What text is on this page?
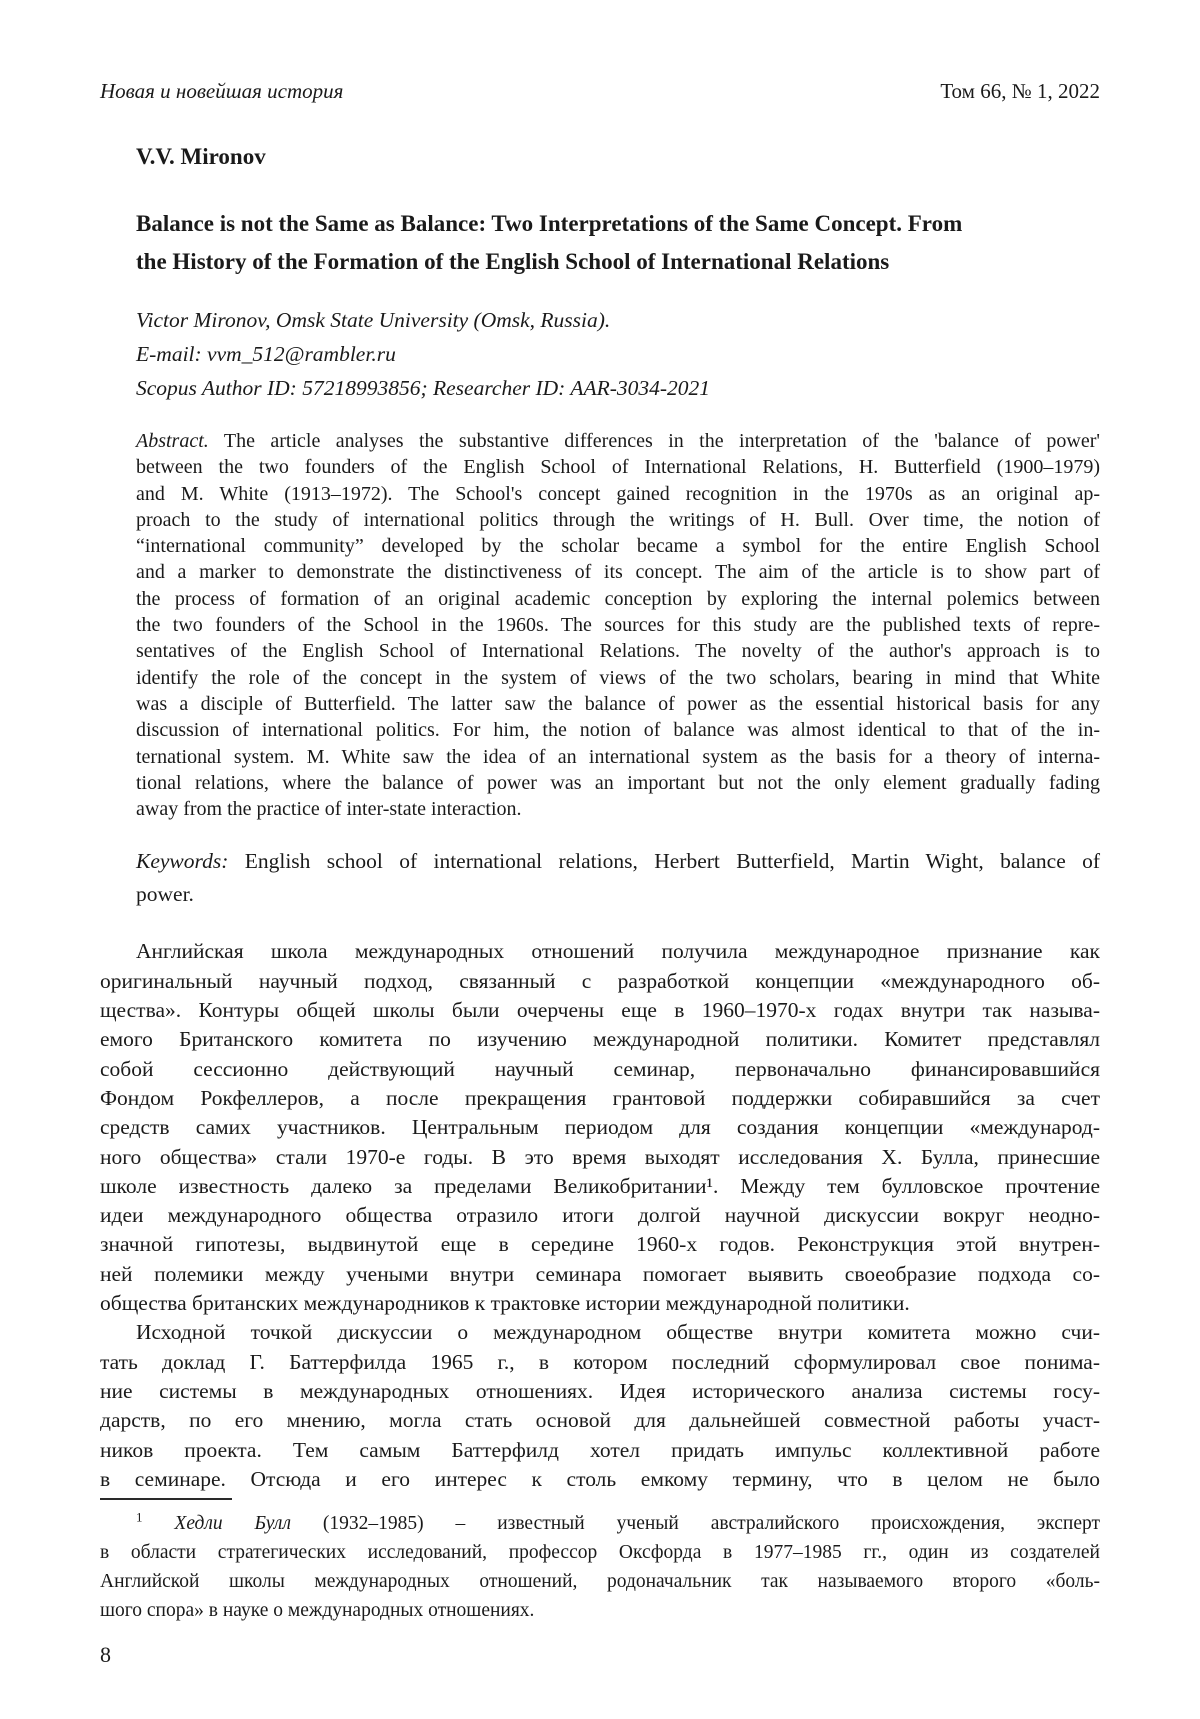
Новая и новейшая история	Том 66, № 1, 2022
V.V. Mironov
Balance is not the Same as Balance: Two Interpretations of the Same Concept. From
the History of the Formation of the English School of International Relations
Victor Mironov, Omsk State University (Omsk, Russia).
E-mail: vvm_512@rambler.ru
Scopus Author ID: 57218993856; Researcher ID: AAR-3034-2021
Abstract. The article analyses the substantive differences in the interpretation of the 'balance of power'
between the two founders of the English School of International Relations, H. Butterfield (1900–1979)
and M. White (1913–1972). The School's concept gained recognition in the 1970s as an original ap-
proach to the study of international politics through the writings of H. Bull. Over time, the notion of
“international community” developed by the scholar became a symbol for the entire English School
and a marker to demonstrate the distinctiveness of its concept. The aim of the article is to show part of
the process of formation of an original academic conception by exploring the internal polemics between
the two founders of the School in the 1960s. The sources for this study are the published texts of repre-
sentatives of the English School of International Relations. The novelty of the author's approach is to
identify the role of the concept in the system of views of the two scholars, bearing in mind that White
was a disciple of Butterfield. The latter saw the balance of power as the essential historical basis for any
discussion of international politics. For him, the notion of balance was almost identical to that of the in-
ternational system. M. White saw the idea of an international system as the basis for a theory of interna-
tional relations, where the balance of power was an important but not the only element gradually fading
away from the practice of inter-state interaction.
Keywords: English school of international relations, Herbert Butterfield, Martin Wight, balance of
power.
Английская школа международных отношений получила международное признание как
оригинальный научный подход, связанный с разработкой концепции «международного об-
щества». Контуры общей школы были очерчены еще в 1960–1970-х годах внутри так называ-
емого Британского комитета по изучению международной политики. Комитет представлял
собой сессионно действующий научный семинар, первоначально финансировавшийся
Фондом Рокфеллеров, а после прекращения грантовой поддержки собиравшийся за счет
средств самих участников. Центральным периодом для создания концепции «международ-
ного общества» стали 1970-е годы. В это время выходят исследования Х. Булла, принесшие
школе известность далеко за пределами Великобритании¹. Между тем булловское прочтение
идеи международного общества отразило итоги долгой научной дискуссии вокруг неодно-
значной гипотезы, выдвинутой еще в середине 1960-х годов. Реконструкция этой внутрен-
ней полемики между учеными внутри семинара помогает выявить своеобразие подхода со-
общества британских международников к трактовке истории международной политики.
Исходной точкой дискуссии о международном обществе внутри комитета можно счи-
тать доклад Г. Баттерфилда 1965 г., в котором последний сформулировал свое понима-
ние системы в международных отношениях. Идея исторического анализа системы госу-
дарств, по его мнению, могла стать основой для дальнейшей совместной работы участ-
ников проекта. Тем самым Баттерфилд хотел придать импульс коллективной работе
в семинаре. Отсюда и его интерес к столь емкому термину, что в целом не было
$^1$ Хедли Булл (1932–1985) – известный ученый австралийского происхождения, эксперт
в области стратегических исследований, профессор Оксфорда в 1977–1985 гг., один из создателей
Английской школы международных отношений, родоначальник так называемого второго «боль-
шого спора» в науке о международных отношениях.
8
